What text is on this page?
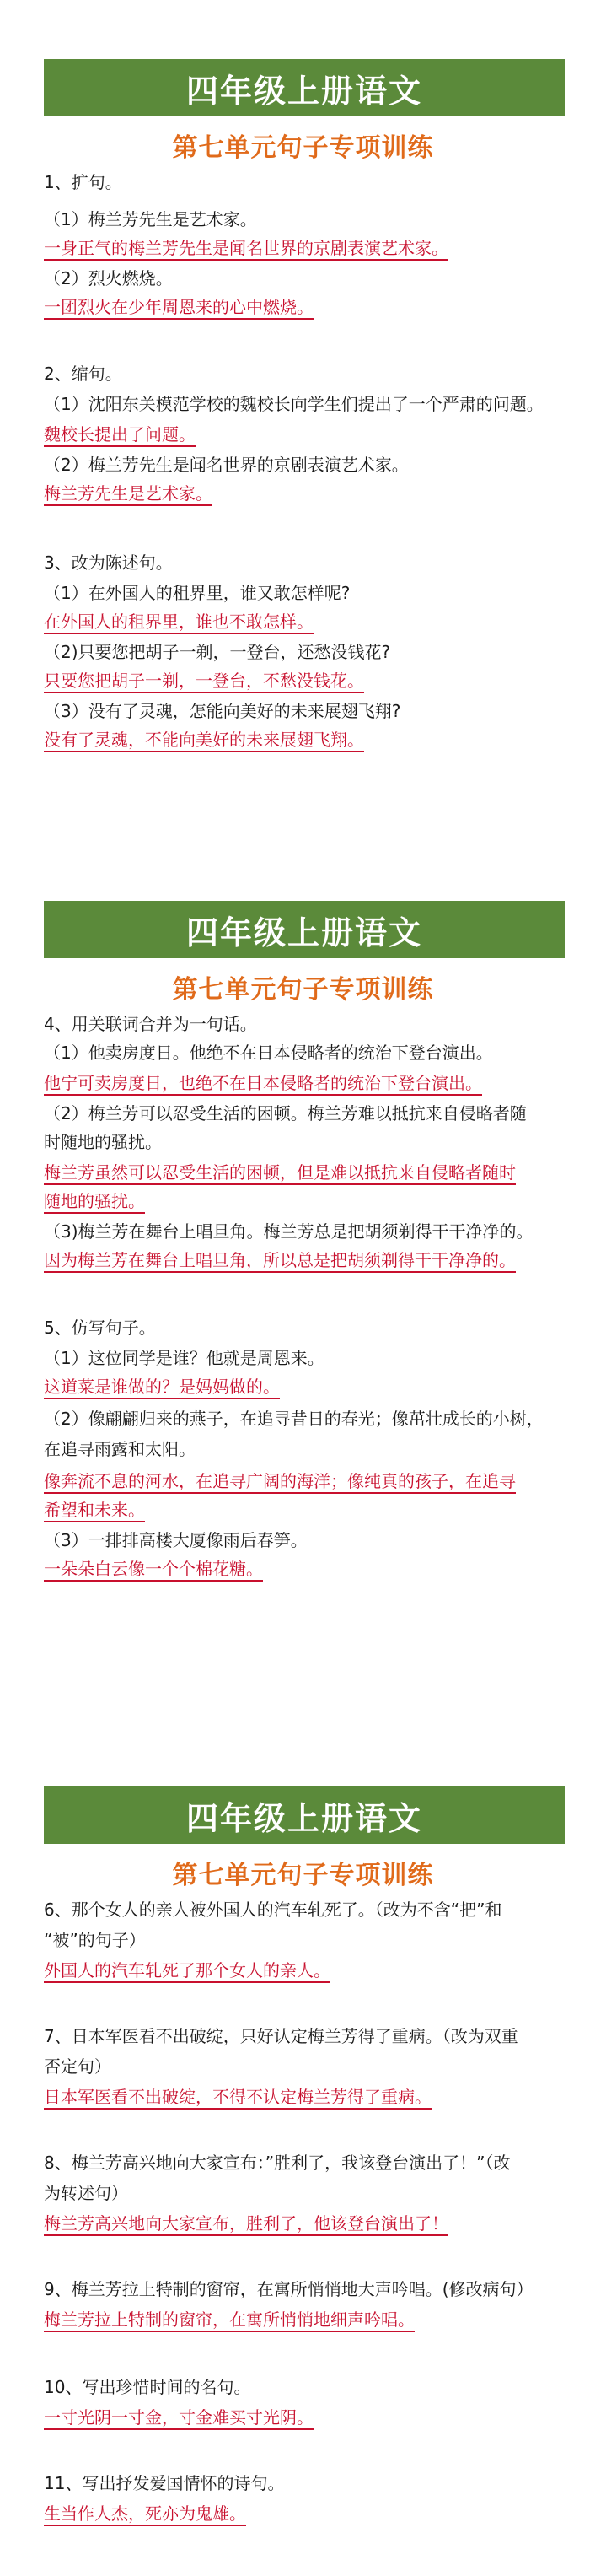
四年级上册语文
第七单元句子专项训练
1、扩句。
（1）梅兰芳先生是艺术家。
一身正气的梅兰芳先生是闻名世界的京剧表演艺术家。
（2）烈火燃烧。
一团烈火在少年周恩来的心中燃烧。
2、缩句。
（1）沈阳东关模范学校的魏校长向学生们提出了一个严肃的问题。
魏校长提出了问题。
（2）梅兰芳先生是闻名世界的京剧表演艺术家。
梅兰芳先生是艺术家。
3、改为陈述句。
（1）在外国人的租界里，谁又敢怎样呢?
在外国人的租界里，谁也不敢怎样。
（2)只要您把胡子一剃，一登台，还愁没钱花?
只要您把胡子一剃，一登台，不愁没钱花。
（3）没有了灵魂，怎能向美好的未来展翅飞翔?
没有了灵魂，不能向美好的未来展翅飞翔。
四年级上册语文
第七单元句子专项训练
4、用关联词合并为一句话。
（1）他卖房度日。他绝不在日本侵略者的统治下登台演出。
他宁可卖房度日，也绝不在日本侵略者的统治下登台演出。
（2）梅兰芳可以忍受生活的困顿。梅兰芳难以抵抗来自侵略者随
时随地的骚扰。
梅兰芳虽然可以忍受生活的困顿，但是难以抵抗来自侵略者随时
随地的骚扰。
（3)梅兰芳在舞台上唱旦角。梅兰芳总是把胡须剃得干干净净的。
因为梅兰芳在舞台上唱旦角，所以总是把胡须剃得干干净净的。
5、仿写句子。
（1）这位同学是谁？他就是周恩来。
这道菜是谁做的？是妈妈做的。
（2）像翩翩归来的燕子，在追寻昔日的春光；像茁壮成长的小树，
在追寻雨露和太阳。
像奔流不息的河水，在追寻广阔的海洋；像纯真的孩子，在追寻
希望和未来。
（3）一排排高楼大厦像雨后春笋。
一朵朵白云像一个个棉花糖。
四年级上册语文
第七单元句子专项训练
6、那个女人的亲人被外国人的汽车轧死了。（改为不含“把”和
“被”的句子）
外国人的汽车轧死了那个女人的亲人。
7、日本军医看不出破绽，只好认定梅兰芳得了重病。（改为双重
否定句）
日本军医看不出破绽，不得不认定梅兰芳得了重病。
8、梅兰芳高兴地向大家宣布：”胜利了，我该登台演出了！”（改
为转述句）
梅兰芳高兴地向大家宣布，胜利了，他该登台演出了！
9、梅兰芳拉上特制的窗帘，在寓所悄悄地大声吟唱。(修改病句）
梅兰芳拉上特制的窗帘，在寓所悄悄地细声吟唱。
10、写出珍惜时间的名句。
一寸光阴一寸金，寸金难买寸光阴。
11、写出抒发爱国情怀的诗句。
生当作人杰，死亦为鬼雄。
